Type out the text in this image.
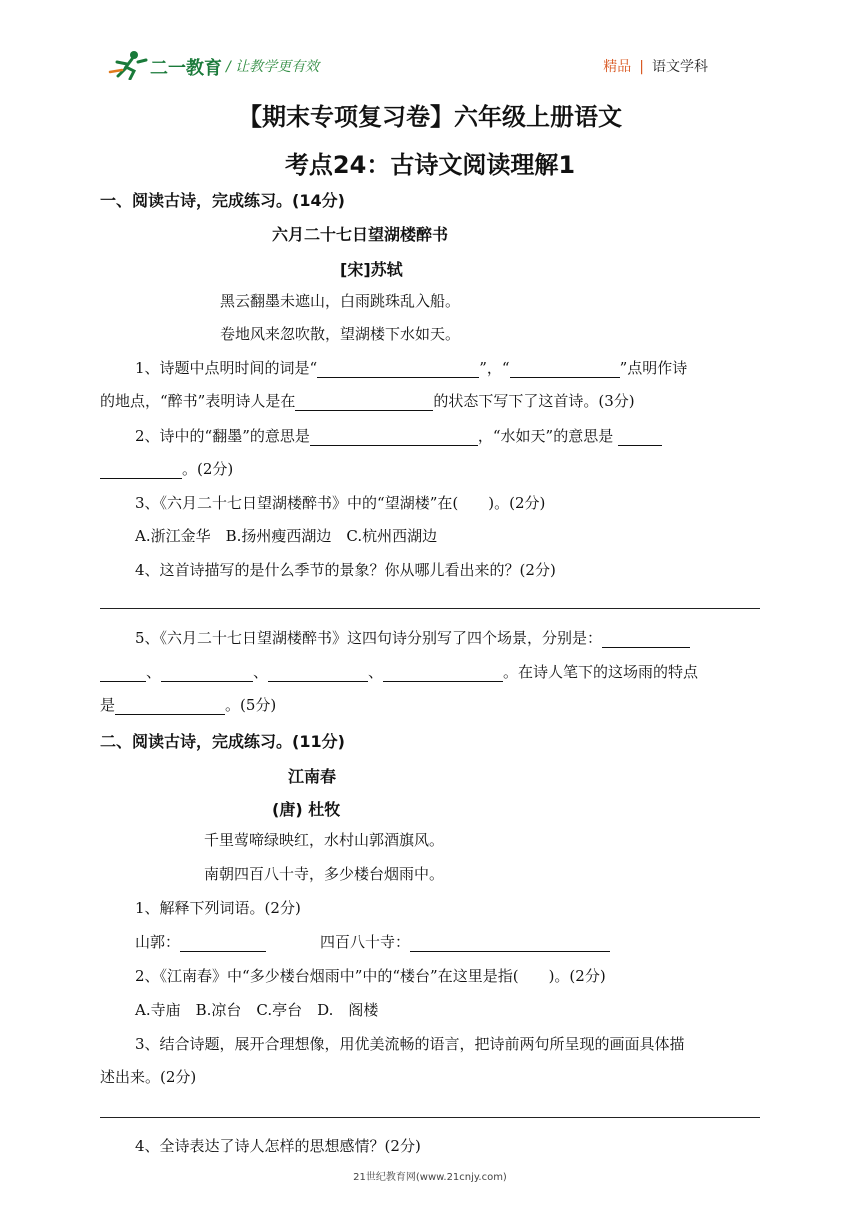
二一教育 / 让教学更有效	精品 | 语文学科
【期末专项复习卷】六年级上册语文
考点24：古诗文阅读理解1
一、阅读古诗，完成练习。(14分)
六月二十七日望湖楼醉书
[宋]苏轼
黑云翻墨未遮山，白雨跳珠乱入船。
卷地风来忽吹散，望湖楼下水如天。
1、诗题中点明时间的词是“	”，“	”点明作诗
的地点，“醉书”表明诗人是在	的状态下写下了这首诗。(3分)
2、诗中的“翻墨”的意思是	，“水如天”的意思是
。(2分)
3、《六月二十七日望湖楼醉书》中的“望湖楼”在(　　)。(2分)
A.浙江金华　B.扬州瘦西湖边　C.杭州西湖边
4、这首诗描写的是什么季节的景象？你从哪儿看出来的？(2分)
5、《六月二十七日望湖楼醉书》这四句诗分别写了四个场景，分别是：
、	、	、	。在诗人笔下的这场雨的特点
是	。(5分)
二、阅读古诗，完成练习。(11分)
江南春
(唐) 杜牧
千里莺啼绿映红，水村山郭酒旗风。
南朝四百八十寺，多少楼台烟雨中。
1、解释下列词语。(2分)
山郭：	四百八十寺：
2、《江南春》中“多少楼台烟雨中”中的“楼台”在这里是指(　　)。(2分)
A.寺庙　B.凉台　C.亭台　D.　阁楼
3、结合诗题，展开合理想像，用优美流畅的语言，把诗前两句所呈现的画面具体描
述出来。(2分)
4、全诗表达了诗人怎样的思想感情？(2分)
21世纪教育网(www.21cnjy.com)
